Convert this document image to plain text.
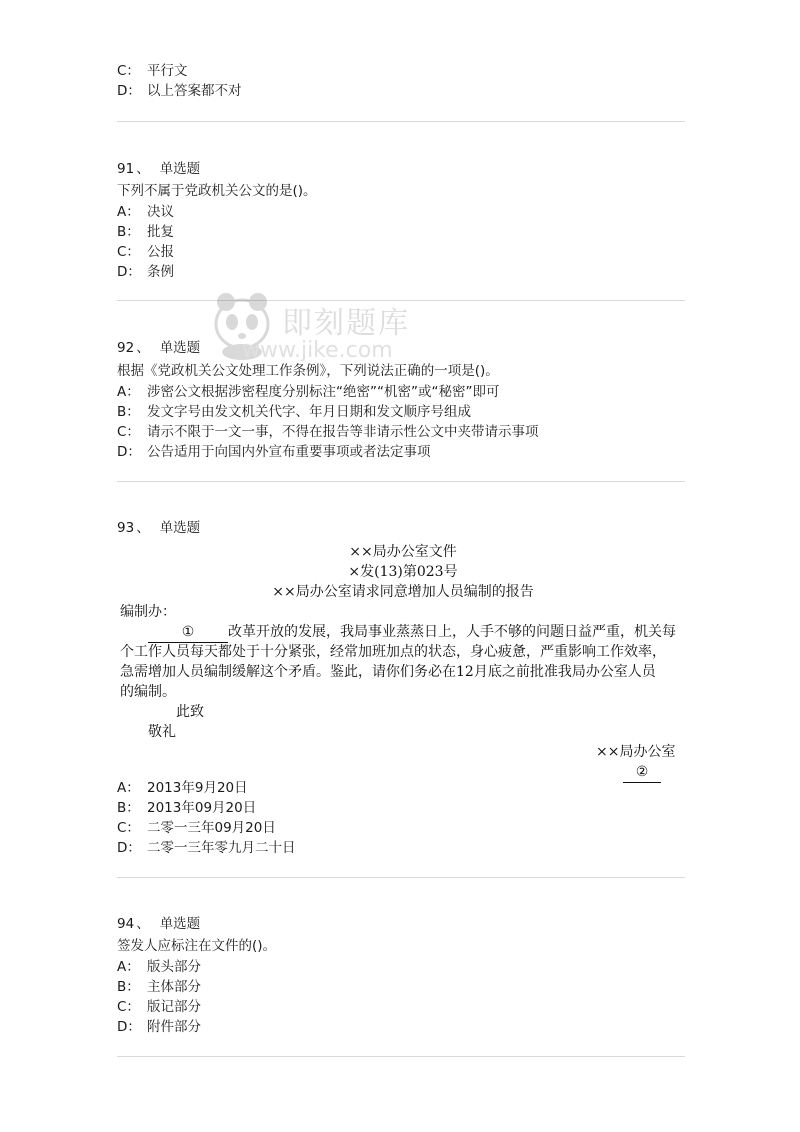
C： 平行文
D： 以上答案都不对
91 、 单选题
下列不属于党政机关公文的是()。
A： 决议
B： 批复
C： 公报
D： 条例
即刻题库
www.jike.com
92 、 单选题
根据《党政机关公文处理工作条例》，下列说法正确的一项是()。
A： 涉密公文根据涉密程度分别标注“绝密”“机密”或“秘密”即可
B： 发文字号由发文机关代字、年月日期和发文顺序号组成
C： 请示不限于一文一事，不得在报告等非请示性公文中夹带请示事项
D： 公告适用于向国内外宣布重要事项或者法定事项
93 、 单选题
××局办公室文件
×发(13)第023号
××局办公室请求同意增加人员编制的报告
编制办：
① 改革开放的发展，我局事业蒸蒸日上，人手不够的问题日益严重，机关每
个工作人员每天都处于十分紧张，经常加班加点的状态，身心疲惫，严重影响工作效率，
急需增加人员编制缓解这个矛盾。鉴此，请你们务必在12月底之前批准我局办公室人员
的编制。
此致
敬礼
××局办公室
②
A： 2013年9月20日
B： 2013年09月20日
C： 二零一三年09月20日
D： 二零一三年零九月二十日
94 、 单选题
签发人应标注在文件的()。
A： 版头部分
B： 主体部分
C： 版记部分
D： 附件部分
